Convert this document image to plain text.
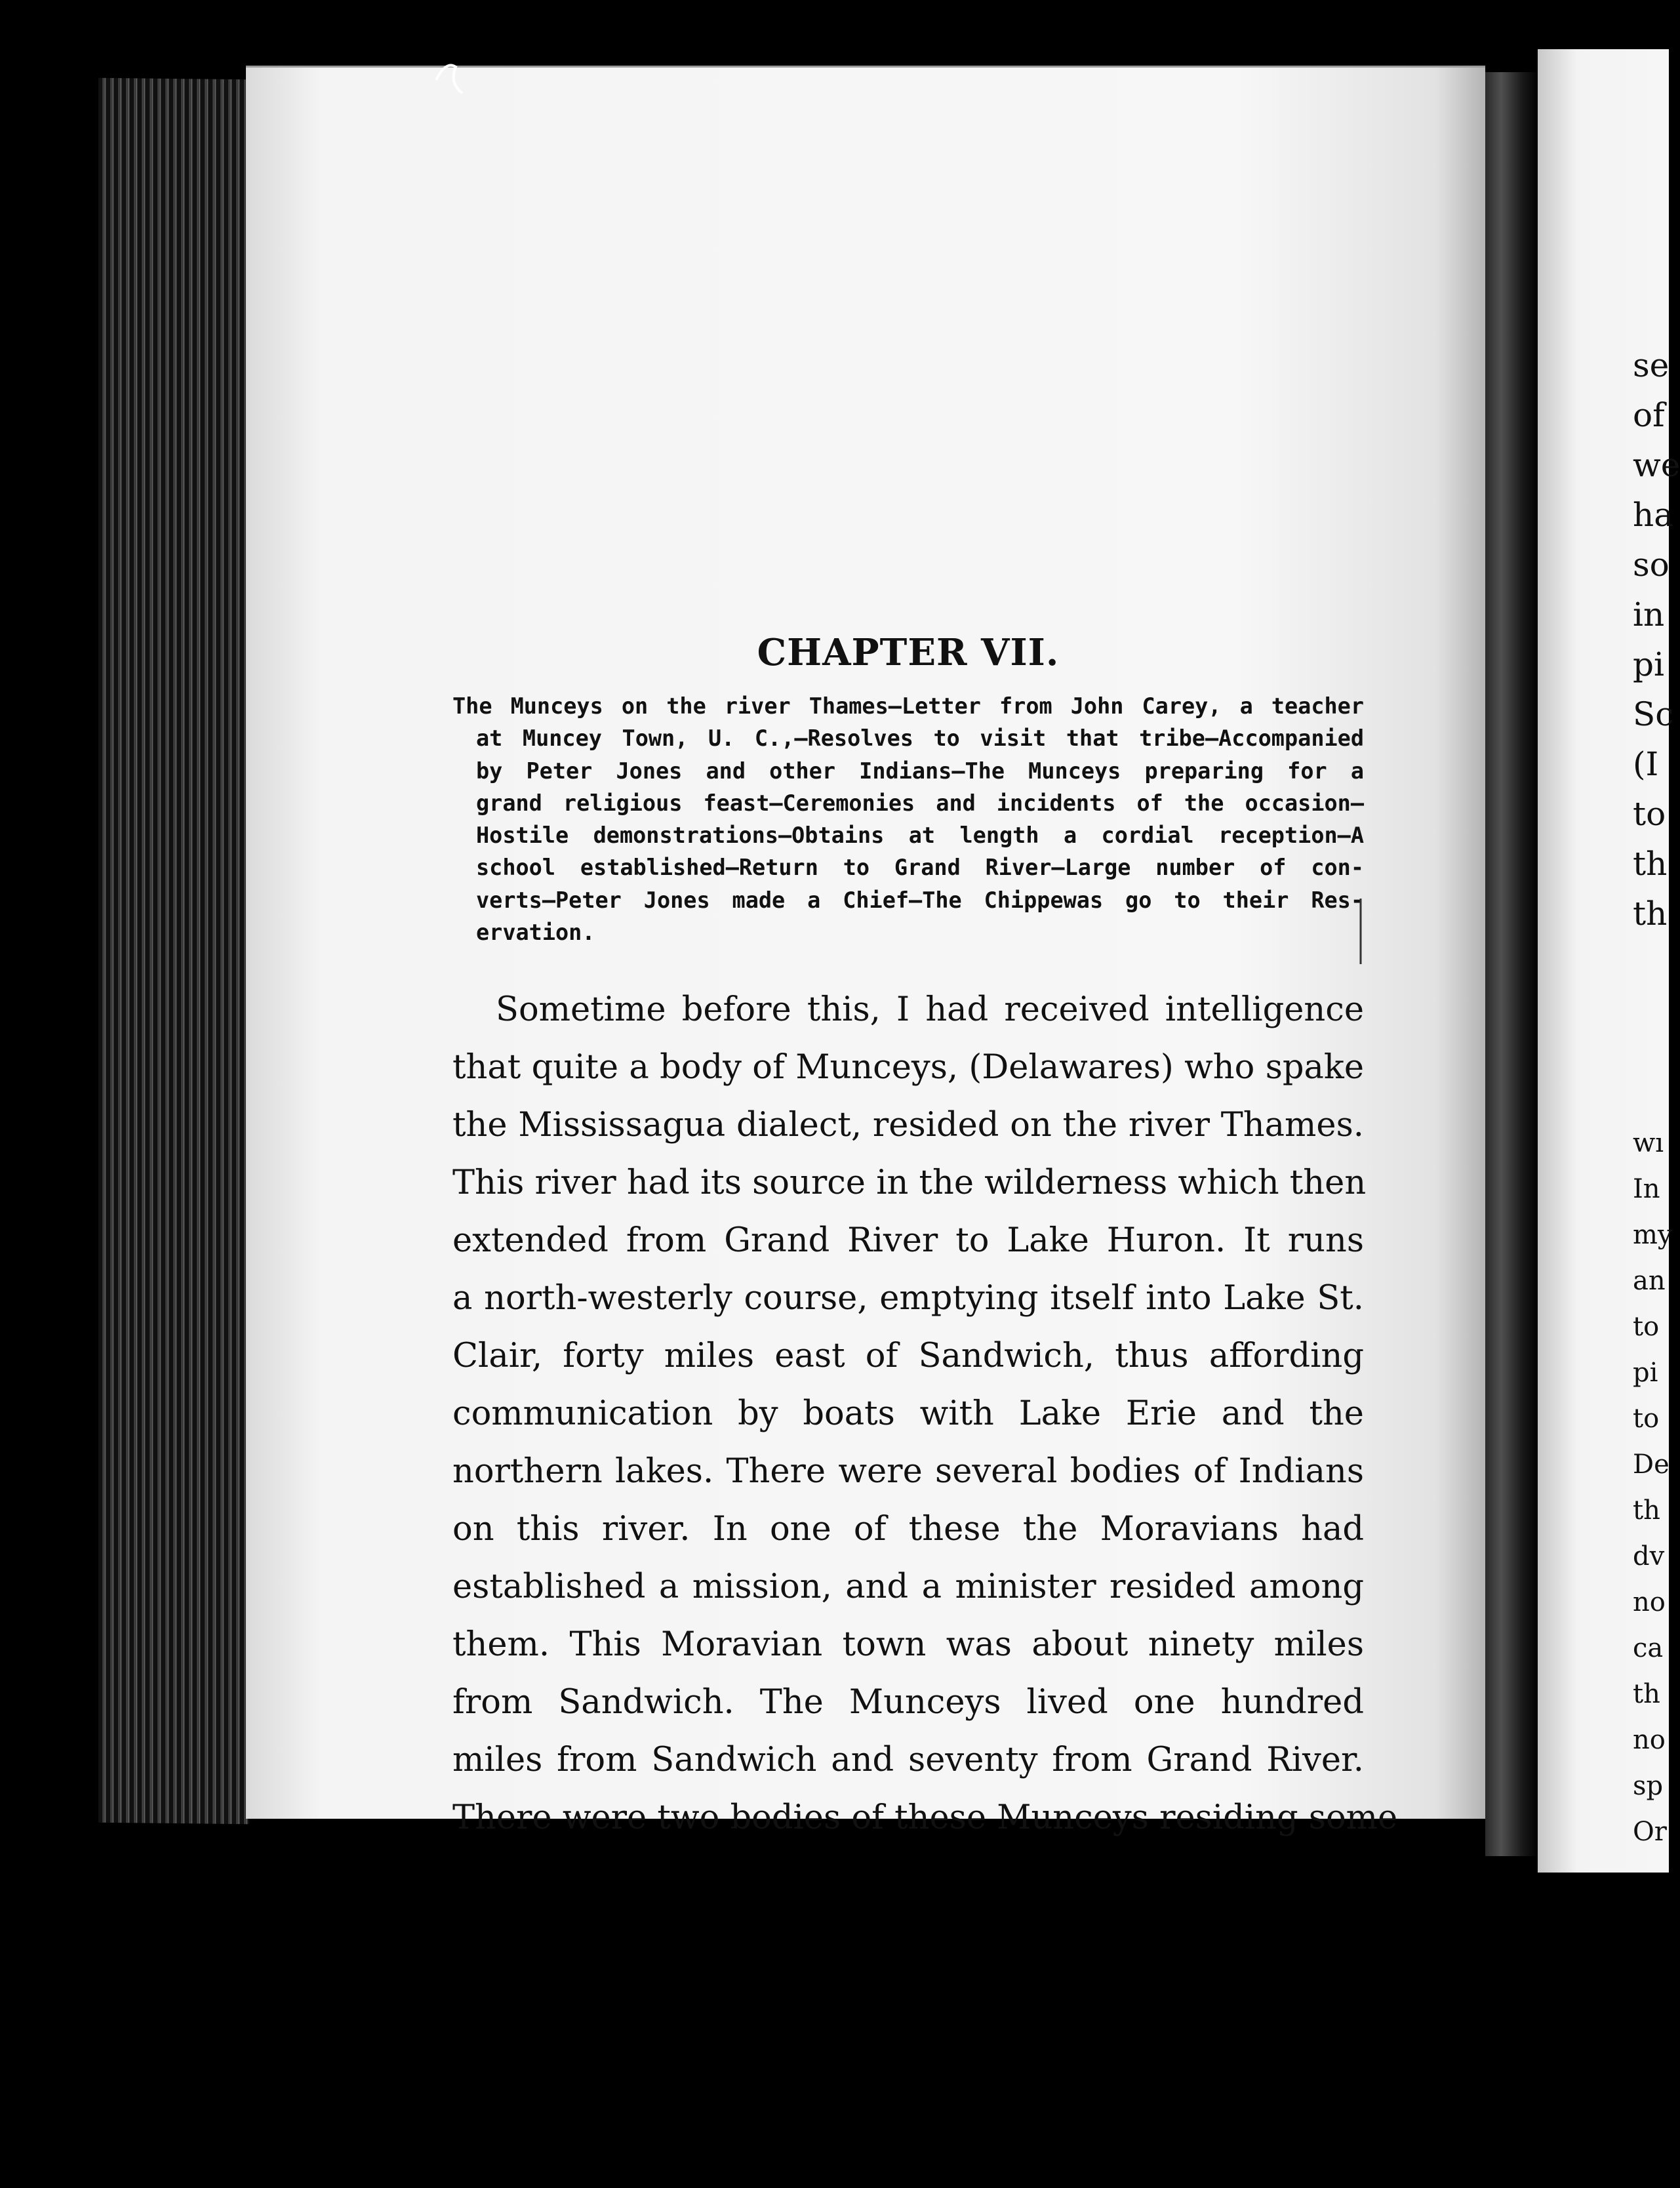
CHAPTER VII.
The Munceys on the river Thames—Letter from John Carey, a teacher
at Muncey Town, U. C.,—Resolves to visit that tribe—Accompanied
by Peter Jones and other Indians—The Munceys preparing for a
grand religious feast—Ceremonies and incidents of the occasion—
Hostile demonstrations—Obtains at length a cordial reception—A
school established—Return to Grand River—Large number of con-
verts—Peter Jones made a Chief—The Chippewas go to their Res-
ervation.
Sometime before this, I had received intelligence
that quite a body of Munceys, (Delawares) who spake
the Mississagua dialect, resided on the river Thames.
This river had its source in the wilderness which then
extended from Grand River to Lake Huron. It runs
a north-westerly course, emptying itself into Lake St.
Clair, forty miles east of Sandwich, thus affording
communication by boats with Lake Erie and the
northern lakes. There were several bodies of Indians
on this river. In one of these the Moravians had
established a mission, and a minister resided among
them. This Moravian town was about ninety miles
from Sandwich. The Munceys lived one hundred
miles from Sandwich and seventy from Grand River.
There were two bodies of these Munceys residing some
se
of
we
ha
so
in
pi
Sc
(I
to
th
th
wı
In
my
an
to
pi
to
De
th
dv
no
ca
th
no
sp
Or
